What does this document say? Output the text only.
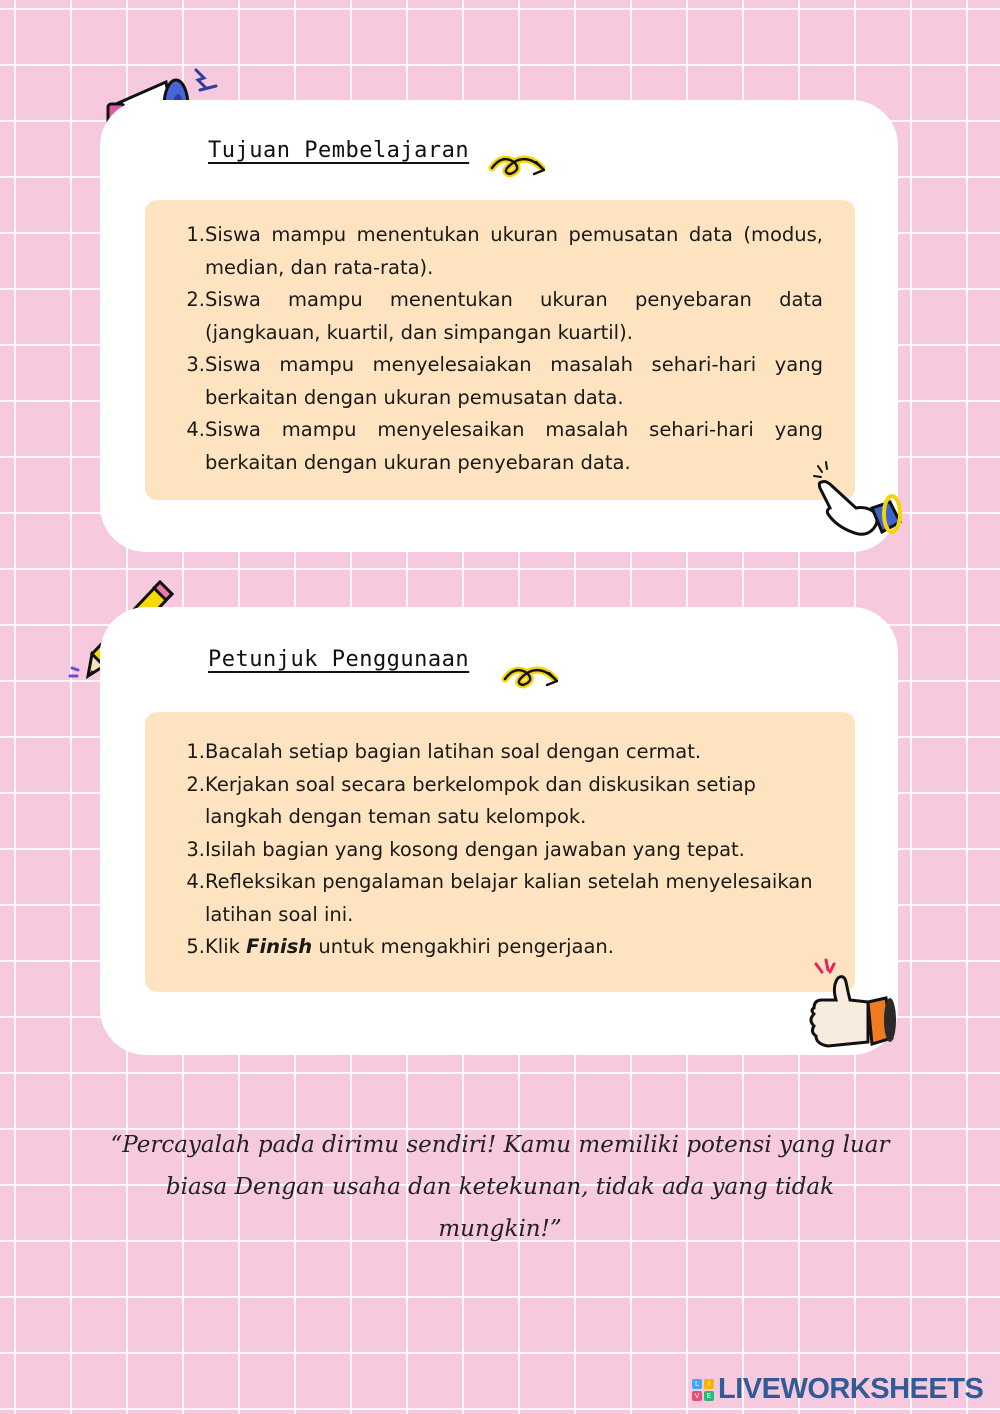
Tujuan Pembelajaran
1. Siswa mampu menentukan ukuran pemusatan data (modus, median, dan rata-rata).
2. Siswa mampu menentukan ukuran penyebaran data (jangkauan, kuartil, dan simpangan kuartil).
3. Siswa mampu menyelesaiakan masalah sehari-hari yang berkaitan dengan ukuran pemusatan data.
4. Siswa mampu menyelesaikan masalah sehari-hari yang berkaitan dengan ukuran penyebaran data.
Petunjuk Penggunaan
1. Bacalah setiap bagian latihan soal dengan cermat.
2. Kerjakan soal secara berkelompok dan diskusikan setiap langkah dengan teman satu kelompok.
3. Isilah bagian yang kosong dengan jawaban yang tepat.
4. Refleksikan pengalaman belajar kalian setelah menyelesaikan latihan soal ini.
5. Klik Finish untuk mengakhiri pengerjaan.
“Percayalah pada dirimu sendiri! Kamu memiliki potensi yang luar biasa Dengan usaha dan ketekunan, tidak ada yang tidak mungkin!”
L	I
V	E LIVEWORKSHEETS
